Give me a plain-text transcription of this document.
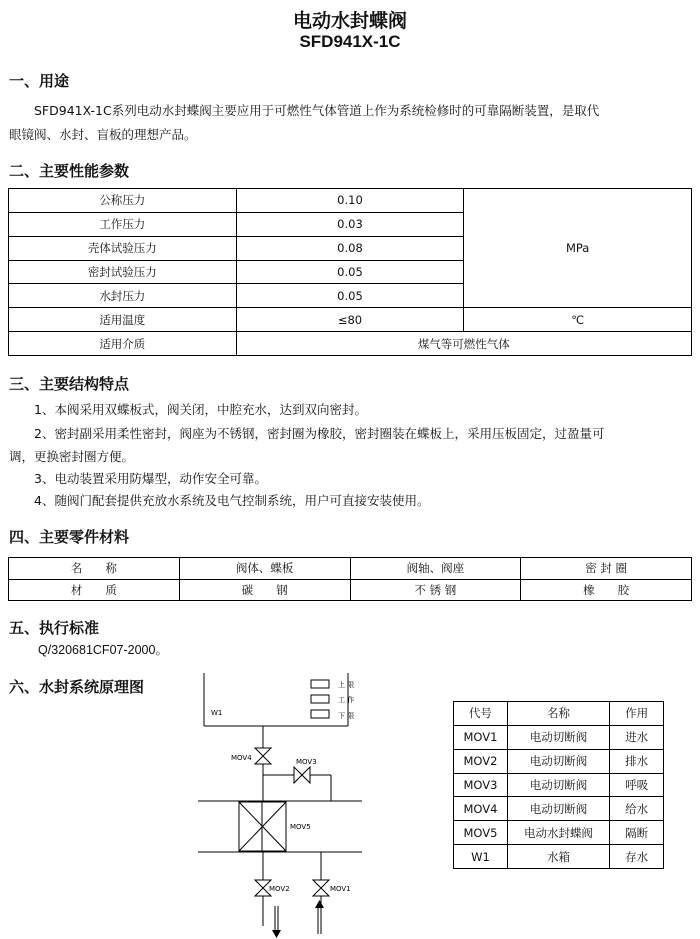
电动水封蝶阀
SFD941X-1C
一、用途
SFD941X-1C系列电动水封蝶阀主要应用于可燃性气体管道上作为系统检修时的可靠隔断装置，是取代
眼镜阀、水封、盲板的理想产品。
二、主要性能参数
公称压力	0.10	MPa
工作压力	0.03	
壳体试验压力	0.08	
密封试验压力	0.05	
水封压力	0.05	
适用温度	≤80	℃
适用介质	煤气等可燃性气体	
三、主要结构特点
1、本阀采用双蝶板式，阀关闭，中腔充水，达到双向密封。
2、密封副采用柔性密封，阀座为不锈钢，密封圈为橡胶，密封圈装在蝶板上，采用压板固定，过盈量可
调，更换密封圈方便。
3、电动装置采用防爆型，动作安全可靠。
4、随阀门配套提供充放水系统及电气控制系统，用户可直接安装使用。
四、主要零件材料
名　　称	阀体、蝶板	阀轴、阀座	密 封 圈
材　　质	碳　　钢	不 锈 钢	橡　　胶
五、执行标准
Q/320681CF07-2000。
六、水封系统原理图
W1
上 限
工 作
下 限
MOV4	MOV3
MOV5
MOV2	MOV1
代号	名称	作用
MOV1	电动切断阀	进水
MOV2	电动切断阀	排水
MOV3	电动切断阀	呼吸
MOV4	电动切断阀	给水
MOV5	电动水封蝶阀	隔断
W1	水箱	存水
